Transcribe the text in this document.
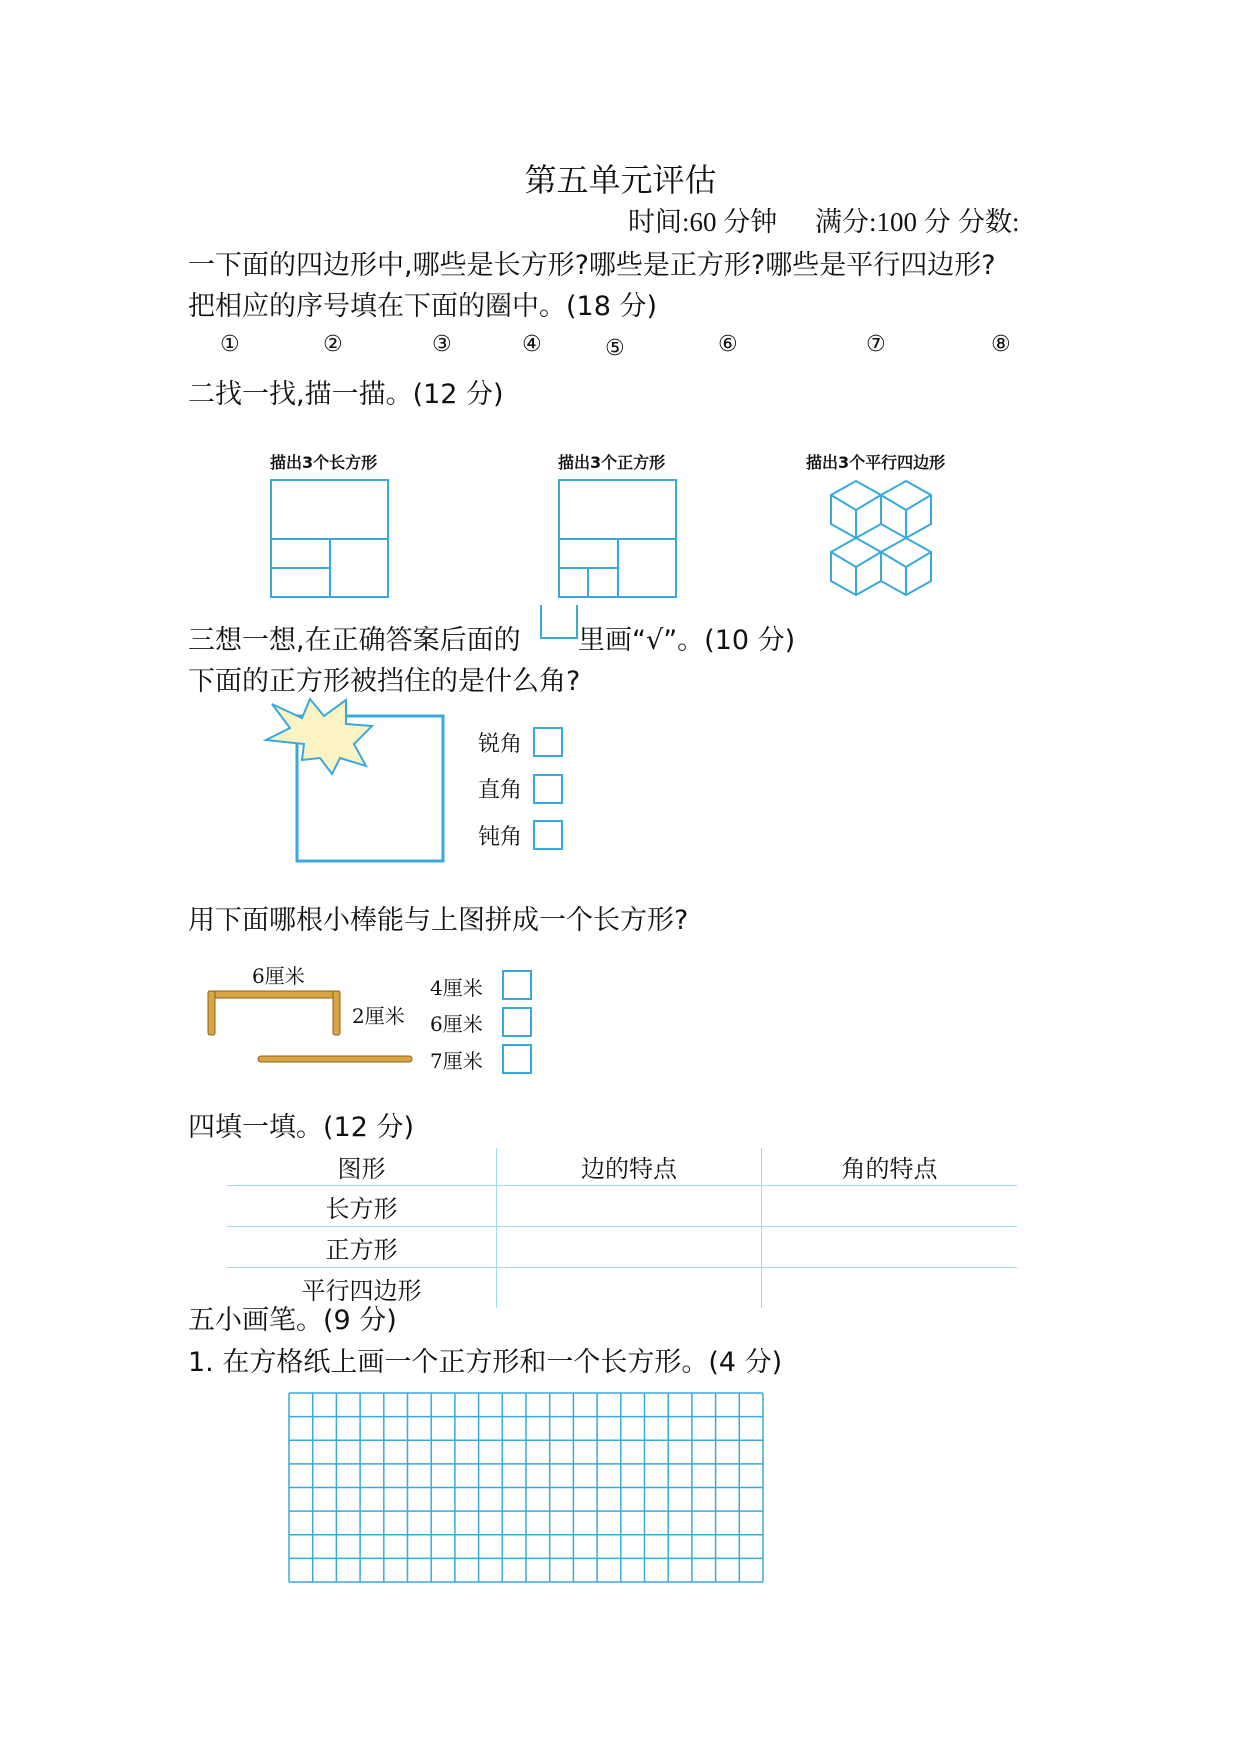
第五单元评估
时间:60 分钟 满分:100 分 分数:
一下面的四边形中,哪些是长方形?哪些是正方形?哪些是平行四边形?
把相应的序号填在下面的圈中。(18 分)
①	②	③	④	⑤	⑥	⑦	⑧
二找一找,描一描。(12 分)
描出3个长方形	描出3个正方形	描出3个平行四边形
三想一想,在正确答案后面的 里画“√”。(10 分)
下面的正方形被挡住的是什么角?
锐角
直角
钝角
用下面哪根小棒能与上图拼成一个长方形?
6厘米
2厘米
4厘米
6厘米
7厘米
四填一填。(12 分)
图形	边的特点	角的特点
长方形		
正方形		
平行四边形		
五小画笔。(9 分)
1. 在方格纸上画一个正方形和一个长方形。(4 分)
